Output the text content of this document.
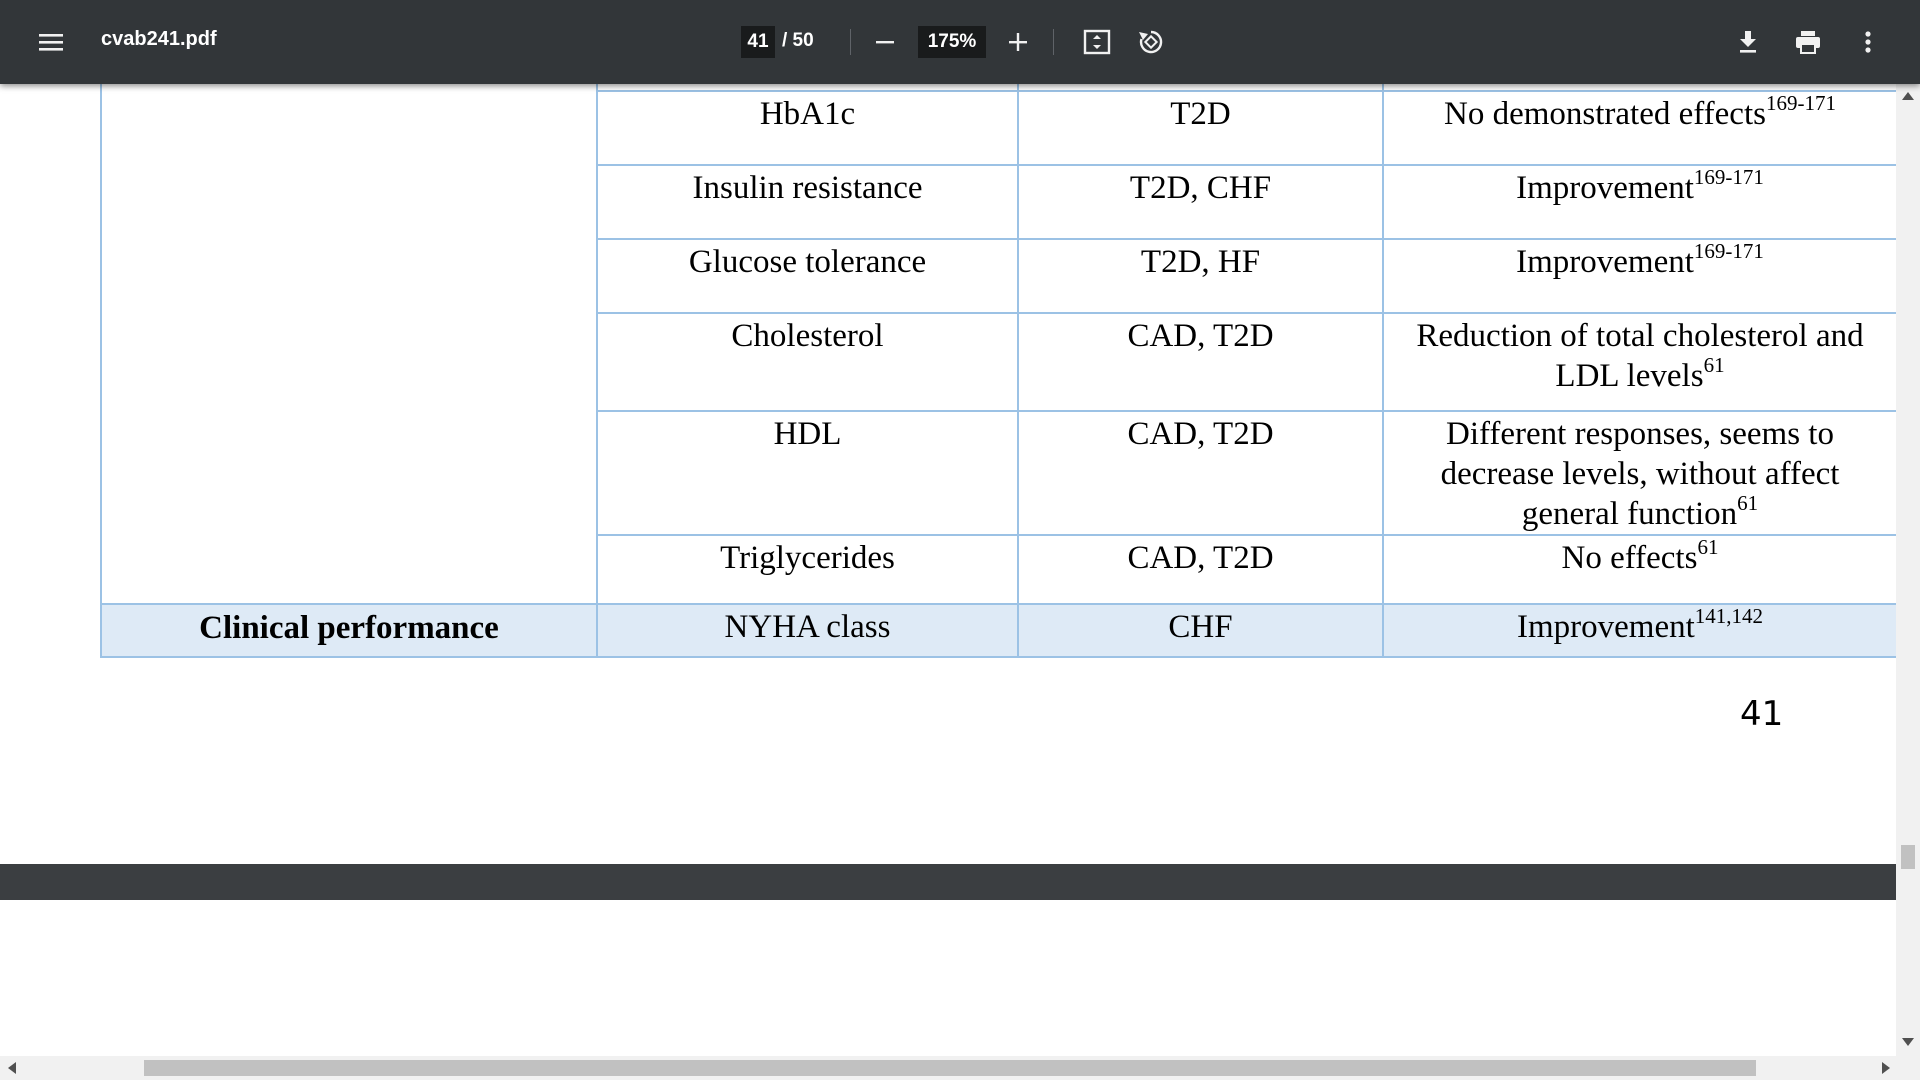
cvab241.pdf	41 / 50	175%
HbA1c	T2D	No demonstrated effects$^{169-171}$
Insulin resistance	T2D, CHF	Improvement$^{169-171}$
Glucose tolerance	T2D, HF	Improvement$^{169-171}$
Cholesterol	CAD, T2D	Reduction of total cholesterol and
LDL levels$^{61}$
HDL	CAD, T2D	Different responses, seems to
decrease levels, without affect
general function$^{61}$
Triglycerides	CAD, T2D	No effects$^{61}$
Clinical performance	NYHA class	CHF	Improvement$^{141,142}$
41
